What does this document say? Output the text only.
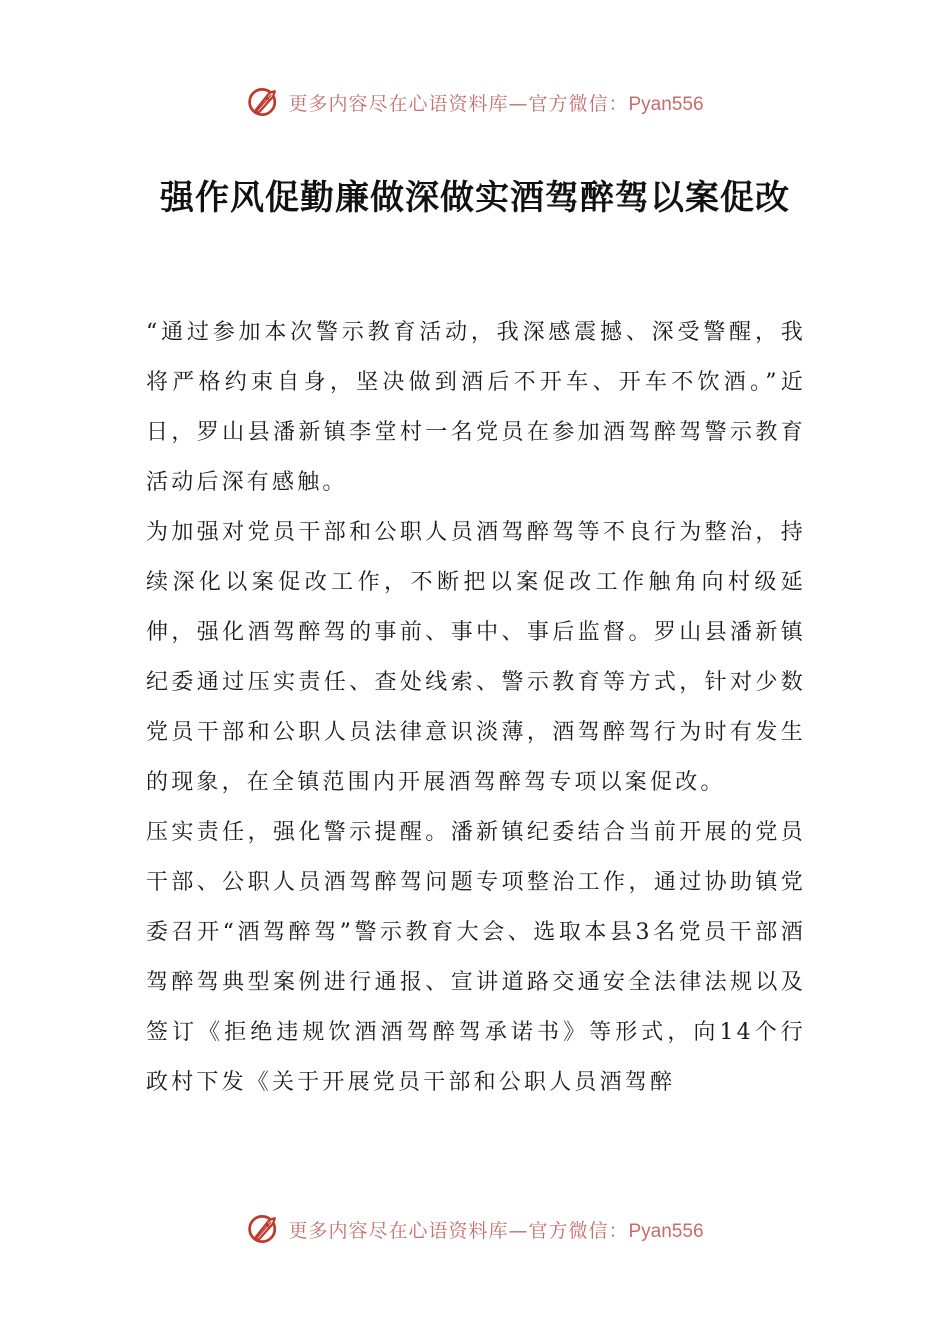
更多内容尽在心语资料库—官方微信：Pyan556
强作风促勤廉做深做实酒驾醉驾以案促改

“通过参加本次警示教育活动，我深感震撼、深受警醒，我将严格约束自身，坚决做到酒后不开车、开车不饮酒。”近日，罗山县潘新镇李堂村一名党员在参加酒驾醉驾警示教育活动后深有感触。

为加强对党员干部和公职人员酒驾醉驾等不良行为整治，持续深化以案促改工作，不断把以案促改工作触角向村级延伸，强化酒驾醉驾的事前、事中、事后监督。罗山县潘新镇纪委通过压实责任、查处线索、警示教育等方式，针对少数党员干部和公职人员法律意识淡薄，酒驾醉驾行为时有发生的现象，在全镇范围内开展酒驾醉驾专项以案促改。

压实责任，强化警示提醒。潘新镇纪委结合当前开展的党员干部、公职人员酒驾醉驾问题专项整治工作，通过协助镇党委召开“酒驾醉驾”警示教育大会、选取本县3名党员干部酒驾醉驾典型案例进行通报、宣讲道路交通安全法律法规以及签订《拒绝违规饮酒酒驾醉驾承诺书》等形式，向14个行政村下发《关于开展党员干部和公职人员酒驾醉

更多内容尽在心语资料库—官方微信：Pyan556
